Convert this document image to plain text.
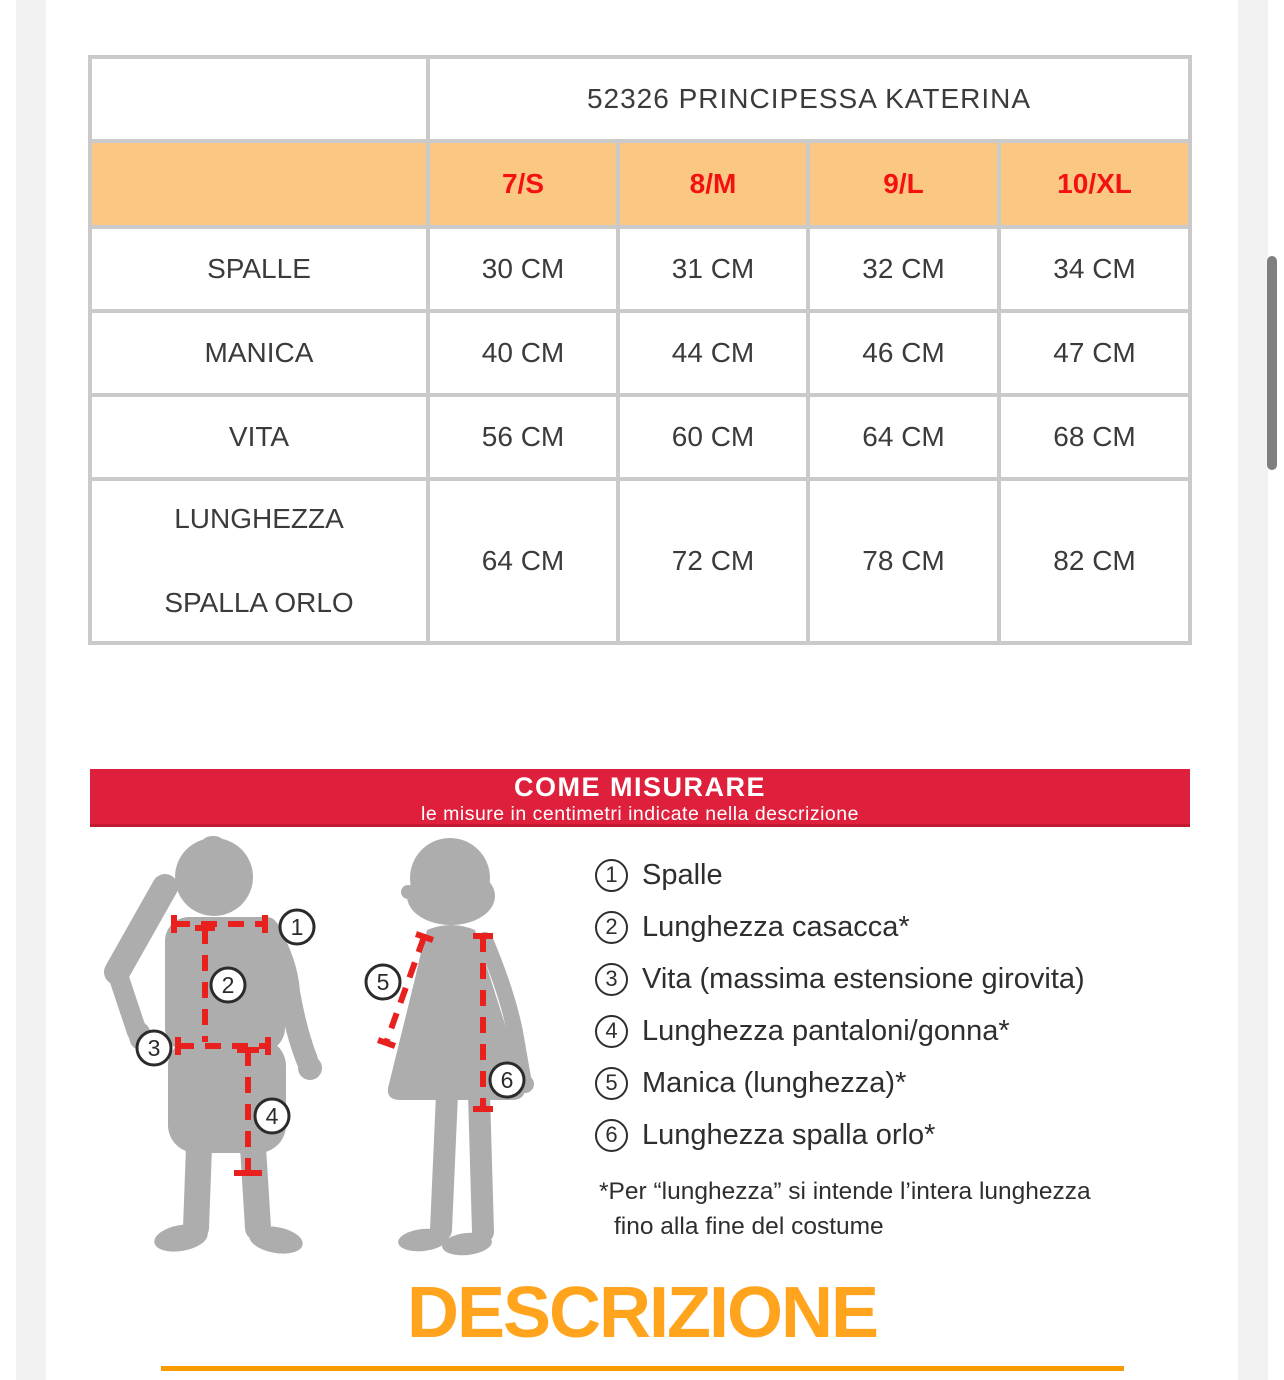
	52326 PRINCIPESSA KATERINA			
	7/S	8/M	9/L	10/XL
SPALLE	30 CM	31 CM	32 CM	34 CM
MANICA	40 CM	44 CM	46 CM	47 CM
VITA	56 CM	60 CM	64 CM	68 CM

LUNGHEZZA
SPALLA ORLO	64 CM	72 CM	78 CM	82 CM
COME MISURARE
le misure in centimetri indicate nella descrizione
1
2
3
4
5
6
1 Spalle
2 Lunghezza casacca*
3 Vita (massima estensione girovita)
4 Lunghezza pantaloni/gonna*
5 Manica (lunghezza)*
6 Lunghezza spalla orlo*
*Per “lunghezza” si intende l’intera lunghezza
fino alla fine del costume
DESCRIZIONE
